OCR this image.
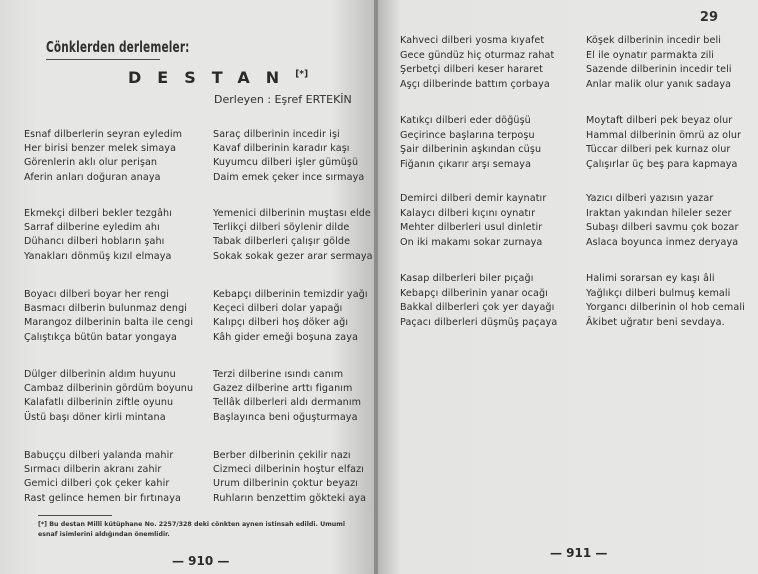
Cönklerden derlemeler:
DESTAN[*]
Derleyen : Eşref ERTEKİN
Esnaf dilberlerin seyran eyledim
Her birisi benzer melek simaya
Görenlerin aklı olur perişan
Aferin anları doğuran anaya
Ekmekçi dilberi bekler tezgâhı
Sarraf dilberine eyledim ahı
Dühancı dilberi hobların şahı
Yanakları dönmüş kızıl elmaya
Boyacı dilberi boyar her rengi
Basmacı dilberin bulunmaz dengi
Marangoz dilberinin balta ile cengi
Çalıştıkça bütün batar yongaya
Dülger dilberinin aldım huyunu
Cambaz dilberinin gördüm boyunu
Kalafatlı dilberinin ziftle oyunu
Üstü başı döner kirli mintana
Babuççu dilberi yalanda mahir
Sırmacı dilberin akranı zahir
Gemici dilberi çok çeker kahir
Rast gelince hemen bir fırtınaya
Saraç dilberinin incedir işi
Kavaf dilberinin karadır kaşı
Kuyumcu dilberi işler gümüşü
Daim emek çeker ince sırmaya
Yemenici dilberinin muştası elde
Terlikçi dilberi söylenir dilde
Tabak dilberleri çalışır gölde
Sokak sokak gezer arar sermaya
Kebapçı dilberinin temizdir yağı
Keçeci dilberi dolar yapağı
Kalıpçı dilberi hoş döker ağı
Kâh gider emeği boşuna zaya
Terzi dilberine ısındı canım
Gazez dilberine arttı figanım
Tellâk dilberleri aldı dermanım
Başlayınca beni oğuşturmaya
Berber dilberinin çekilir nazı
Cizmeci dilberinin hoştur elfazı
Urum dilberinin çoktur beyazı
Ruhların benzettim gökteki aya
[*] Bu destan Millî kütüphane No. 2257/328 deki cönkten aynen istinsah edildi. Umumî esnaf isimlerini aldığından önemlidir.
— 910 —
29
Kahveci dilberi yosma kıyafet
Gece gündüz hiç oturmaz rahat
Şerbetçi dilberi keser hararet
Aşçı dilberinde battım çorbaya
Katıkçı dilberi eder döğüşü
Geçirince başlarına terpoşu
Şair dilberinin aşkından cüşu
Fiğanın çıkarır arşı semaya
Demirci dilberi demir kaynatır
Kalaycı dilberi kıçını oynatır
Mehter dilberleri usul dinletir
On iki makamı sokar zurnaya
Kasap dilberleri biler pıçağı
Kebapçı dilberinin yanar ocağı
Bakkal dilberleri çok yer dayağı
Paçacı dilberleri düşmüş paçaya
Köşek dilberinin incedir beli
El ile oynatır parmakta zili
Sazende dilberinin incedir teli
Anlar malik olur yanık sadaya
Moytaft dilberi pek beyaz olur
Hammal dilberinin ömrü az olur
Tüccar dilberi pek kurnaz olur
Çalışırlar üç beş para kapmaya
Yazıcı dilberi yazısın yazar
Iraktan yakından hileler sezer
Subaşı dilberi savmu çok bozar
Aslaca boyunca inmez deryaya
Halimi sorarsan ey kaşı âli
Yağlıkçı dilberi bulmuş kemali
Yorgancı dilberinin ol hob cemali
Âkibet uğratır beni sevdaya.
— 911 —
